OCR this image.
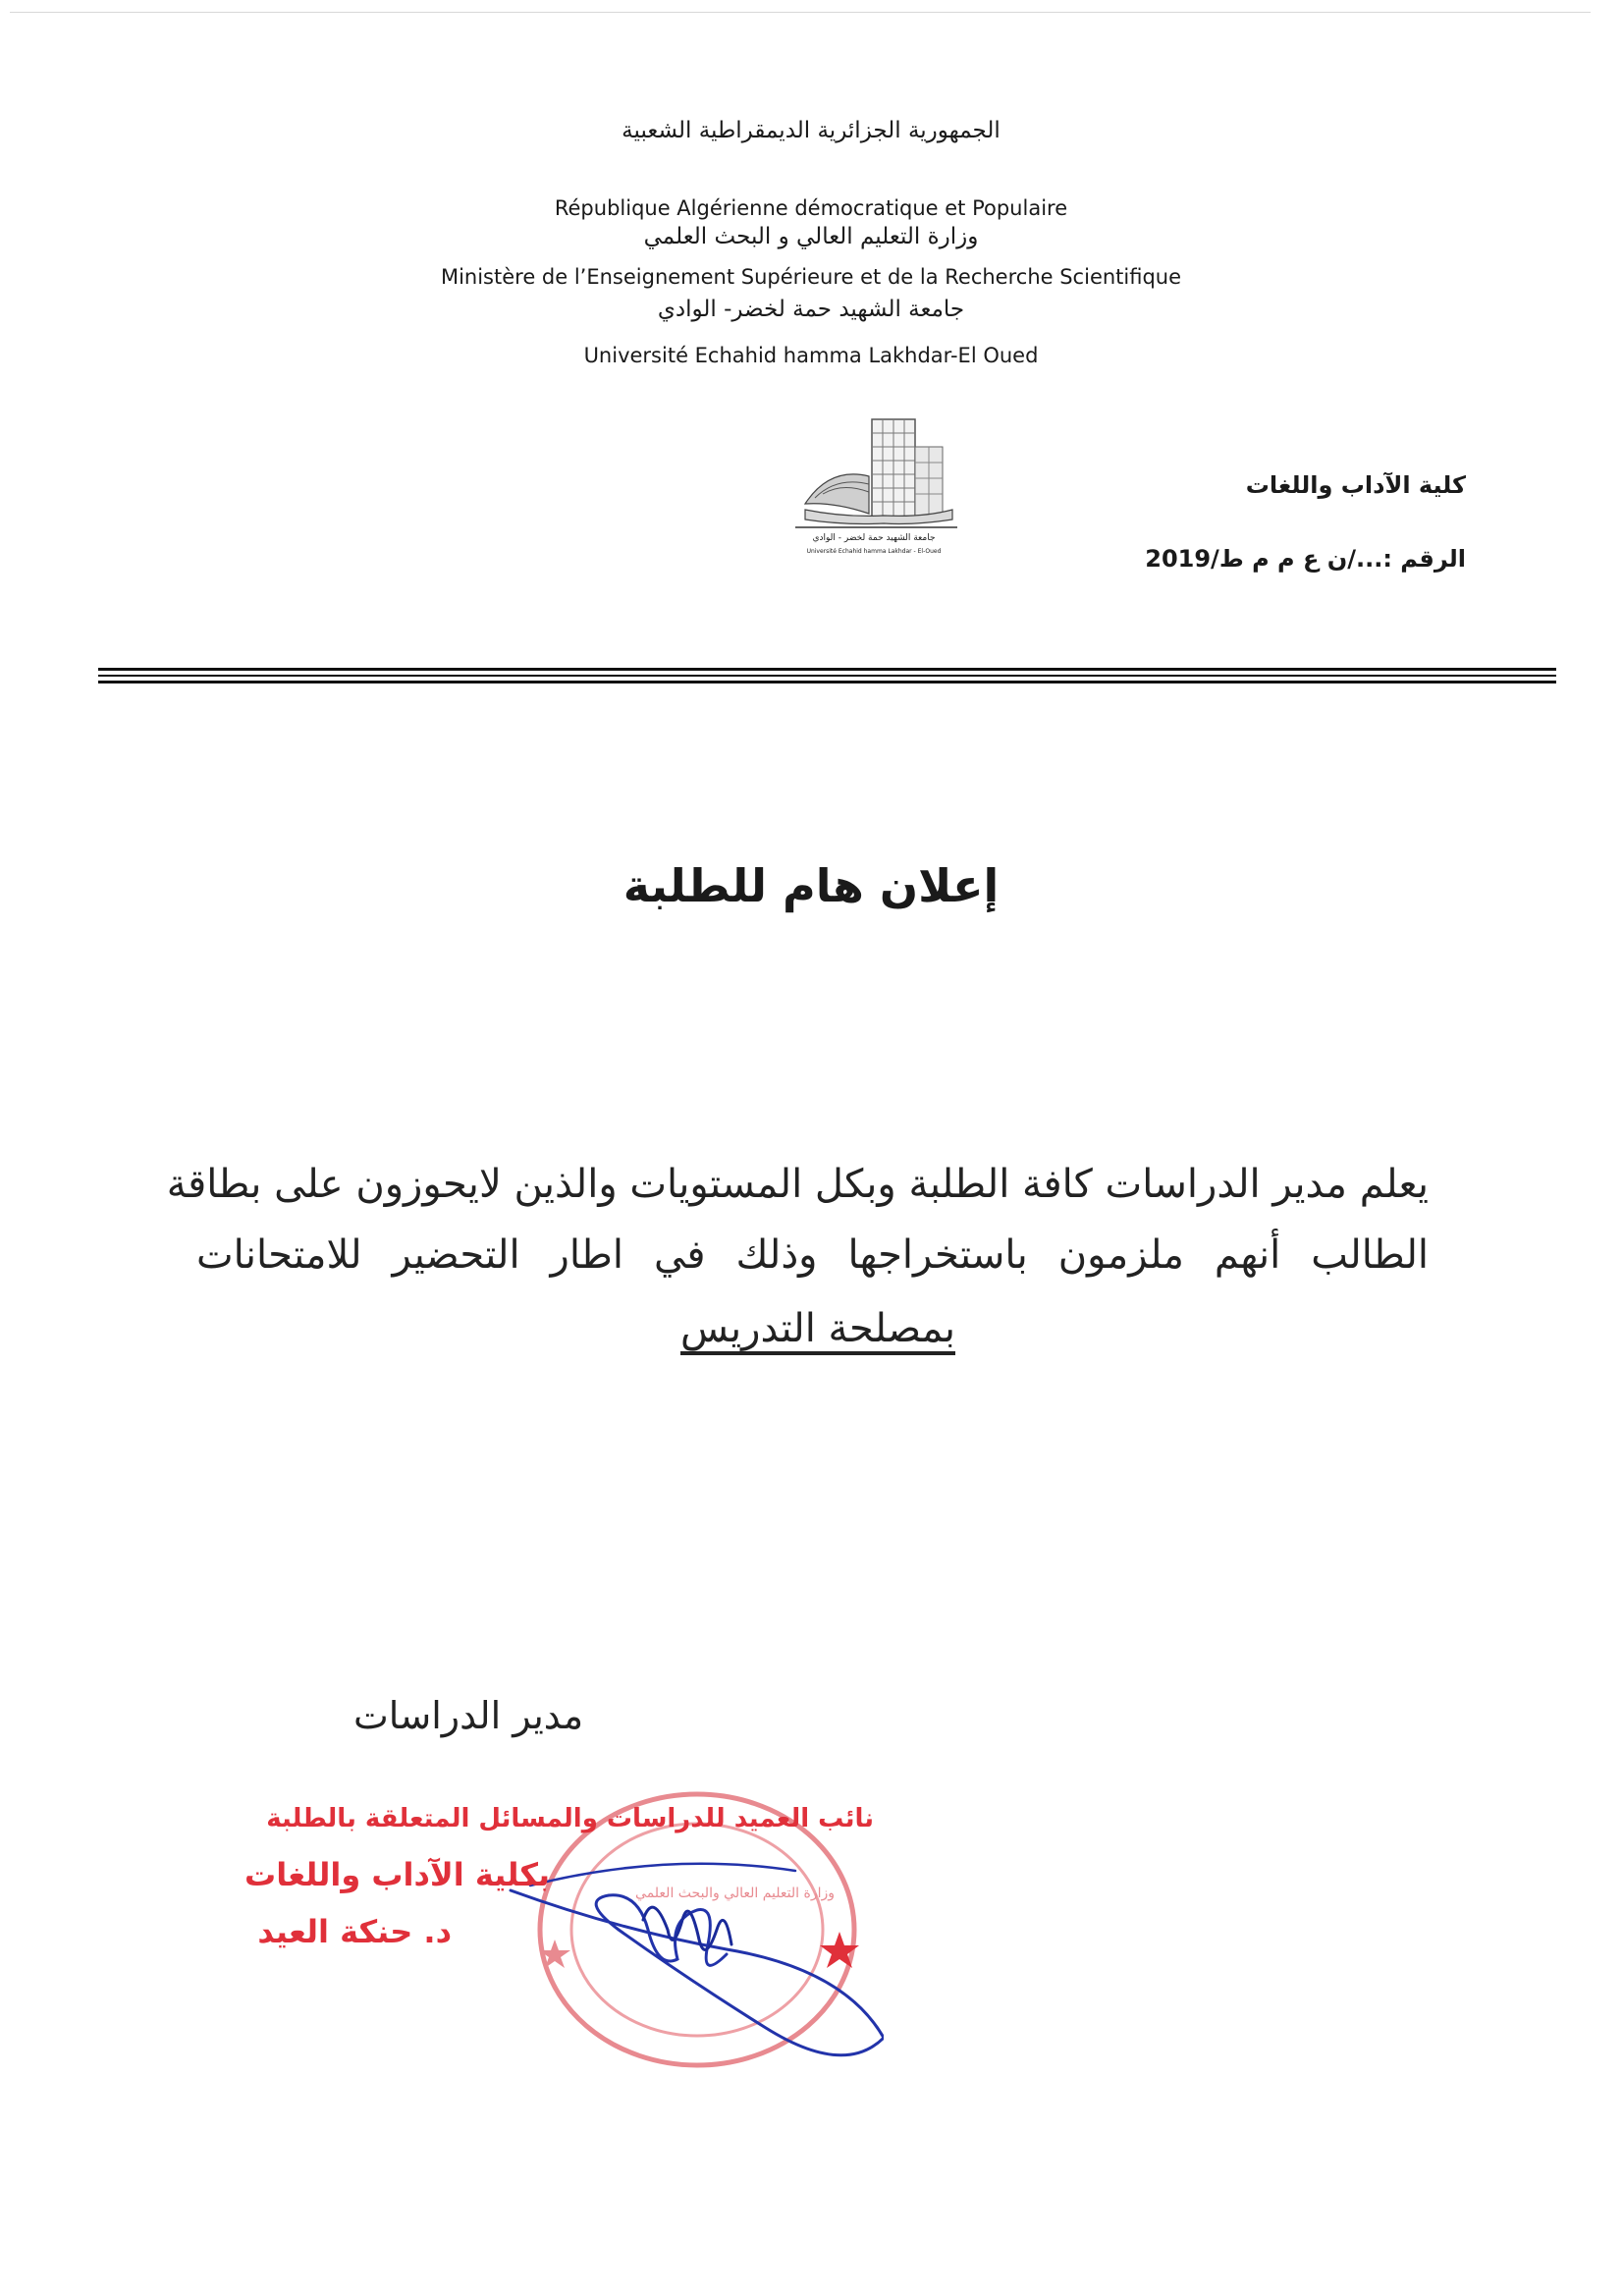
الجمهورية الجزائرية الديمقراطية الشعبية
République Algérienne démocratique et Populaire
وزارة التعليم العالي و البحث العلمي
Ministère de l’Enseignement Supérieure et de la Recherche Scientifique
جامعة الشهيد حمة لخضر- الوادي
Université Echahid hamma Lakhdar-El Oued
جامعة الشهيد حمة لخضر - الوادي
Université Echahid hamma Lakhdar - El-Oued
كلية الآداب واللغات
الرقم :.../ن ع م م ط/2019
إعلان هام للطلبة
يعلم مدير الدراسات كافة الطلبة وبكل المستويات والذين لايحوزون على بطاقة
الطالب أنهم ملزمون باستخراجها وذلك في اطار التحضير للامتحانات
بمصلحة التدريس
مدير الدراسات
وزارة التعليم العالي والبحث العلمي
نائب العميد للدراسات والمسائل المتعلقة بالطلبة
بكلية الآداب واللغات
د. حنكة العيد
